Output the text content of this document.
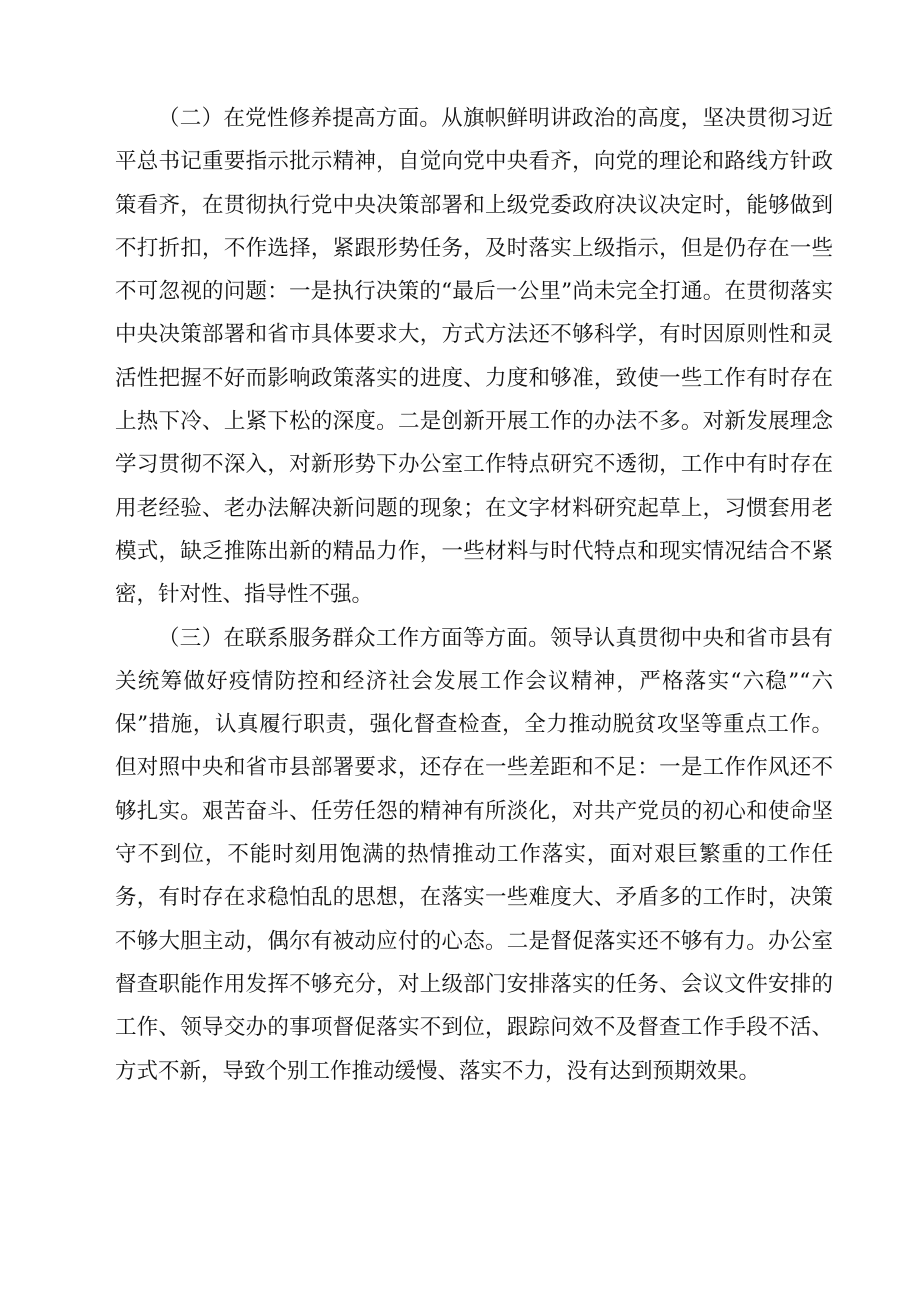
（二）在党性修养提高方面。从旗帜鲜明讲政治的高度，坚决贯彻习近平总书记重要指示批示精神，自觉向党中央看齐，向党的理论和路线方针政策看齐，在贯彻执行党中央决策部署和上级党委政府决议决定时，能够做到不打折扣，不作选择，紧跟形势任务，及时落实上级指示，但是仍存在一些不可忽视的问题：一是执行决策的“最后一公里”尚未完全打通。在贯彻落实中央决策部署和省市具体要求大，方式方法还不够科学，有时因原则性和灵活性把握不好而影响政策落实的进度、力度和够准，致使一些工作有时存在上热下冷、上紧下松的深度。二是创新开展工作的办法不多。对新发展理念学习贯彻不深入，对新形势下办公室工作特点研究不透彻，工作中有时存在用老经验、老办法解决新问题的现象；在文字材料研究起草上，习惯套用老模式，缺乏推陈出新的精品力作，一些材料与时代特点和现实情况结合不紧密，针对性、指导性不强。

（三）在联系服务群众工作方面等方面。领导认真贯彻中央和省市县有关统筹做好疫情防控和经济社会发展工作会议精神，严格落实“六稳”“六保”措施，认真履行职责，强化督查检查，全力推动脱贫攻坚等重点工作。但对照中央和省市县部署要求，还存在一些差距和不足：一是工作作风还不够扎实。艰苦奋斗、任劳任怨的精神有所淡化，对共产党员的初心和使命坚守不到位，不能时刻用饱满的热情推动工作落实，面对艰巨繁重的工作任务，有时存在求稳怕乱的思想，在落实一些难度大、矛盾多的工作时，决策不够大胆主动，偶尔有被动应付的心态。二是督促落实还不够有力。办公室督查职能作用发挥不够充分，对上级部门安排落实的任务、会议文件安排的工作、领导交办的事项督促落实不到位，跟踪问效不及督查工作手段不活、方式不新，导致个别工作推动缓慢、落实不力，没有达到预期效果。
